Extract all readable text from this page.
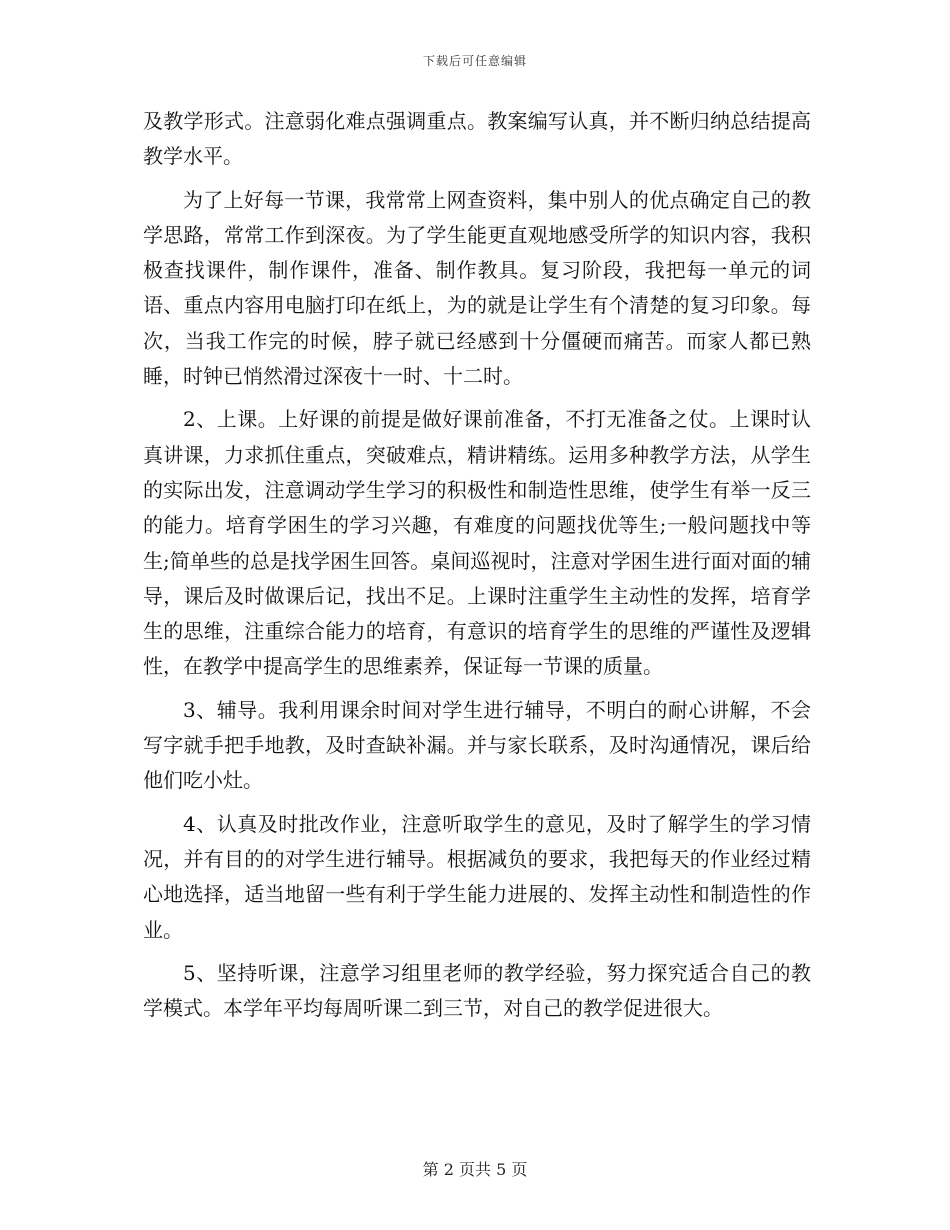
下载后可任意编辑

及教学形式。注意弱化难点强调重点。教案编写认真，并不断归纳总结提高教学水平。

为了上好每一节课，我常常上网查资料，集中别人的优点确定自己的教学思路，常常工作到深夜。为了学生能更直观地感受所学的知识内容，我积极查找课件，制作课件，准备、制作教具。复习阶段，我把每一单元的词语、重点内容用电脑打印在纸上，为的就是让学生有个清楚的复习印象。每次，当我工作完的时候，脖子就已经感到十分僵硬而痛苦。而家人都已熟睡，时钟已悄然滑过深夜十一时、十二时。

2、上课。上好课的前提是做好课前准备，不打无准备之仗。上课时认真讲课，力求抓住重点，突破难点，精讲精练。运用多种教学方法，从学生的实际出发，注意调动学生学习的积极性和制造性思维，使学生有举一反三的能力。培育学困生的学习兴趣，有难度的问题找优等生;一般问题找中等生;简单些的总是找学困生回答。桌间巡视时，注意对学困生进行面对面的辅导，课后及时做课后记，找出不足。上课时注重学生主动性的发挥，培育学生的思维，注重综合能力的培育，有意识的培育学生的思维的严谨性及逻辑性，在教学中提高学生的思维素养，保证每一节课的质量。

3、辅导。我利用课余时间对学生进行辅导，不明白的耐心讲解，不会写字就手把手地教，及时查缺补漏。并与家长联系，及时沟通情况，课后给他们吃小灶。

4、认真及时批改作业，注意听取学生的意见，及时了解学生的学习情况，并有目的的对学生进行辅导。根据减负的要求，我把每天的作业经过精心地选择，适当地留一些有利于学生能力进展的、发挥主动性和制造性的作业。

5、坚持听课，注意学习组里老师的教学经验，努力探究适合自己的教学模式。本学年平均每周听课二到三节，对自己的教学促进很大。

第 2 页共 5 页
